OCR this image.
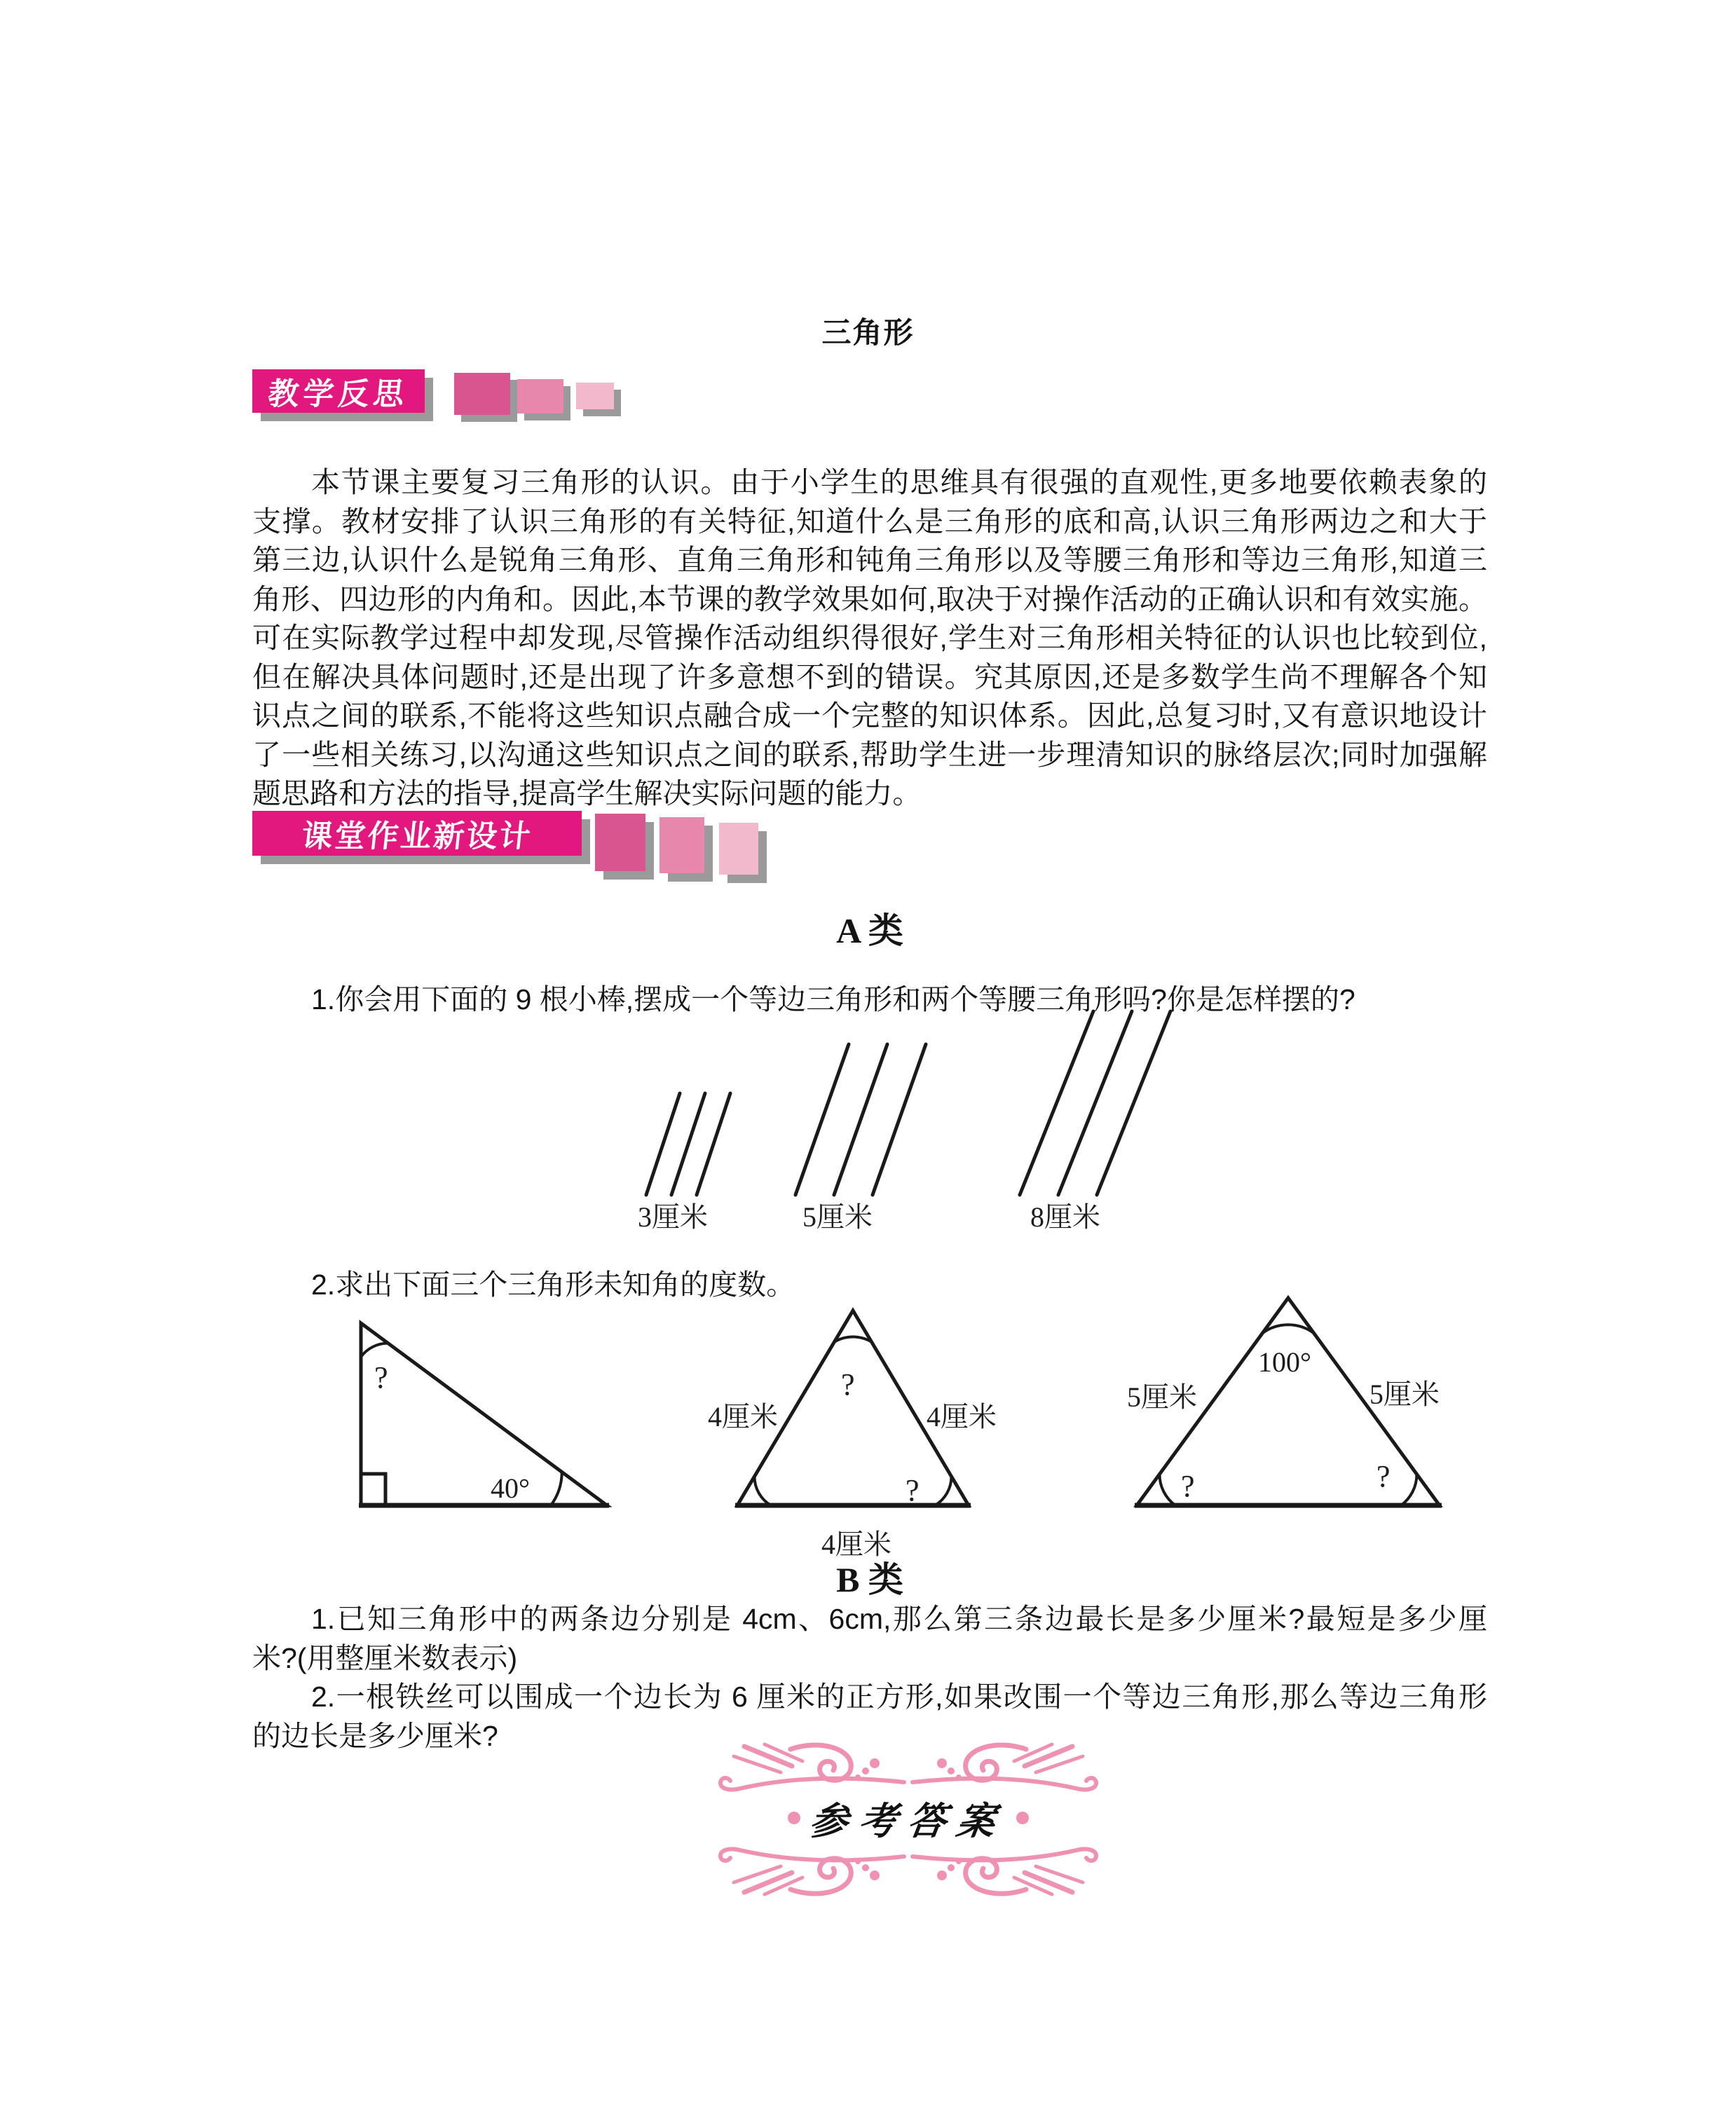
三角形
教学反思
本节课主要复习三角形的认识。由于小学生的思维具有很强的直观性,更多地要依赖表象的
支撑。教材安排了认识三角形的有关特征,知道什么是三角形的底和高,认识三角形两边之和大于
第三边,认识什么是锐角三角形、直角三角形和钝角三角形以及等腰三角形和等边三角形,知道三
角形、四边形的内角和。因此,本节课的教学效果如何,取决于对操作活动的正确认识和有效实施。
可在实际教学过程中却发现,尽管操作活动组织得很好,学生对三角形相关特征的认识也比较到位,
但在解决具体问题时,还是出现了许多意想不到的错误。究其原因,还是多数学生尚不理解各个知
识点之间的联系,不能将这些知识点融合成一个完整的知识体系。因此,总复习时,又有意识地设计
了一些相关练习,以沟通这些知识点之间的联系,帮助学生进一步理清知识的脉络层次;同时加强解
题思路和方法的指导,提高学生解决实际问题的能力。
课堂作业新设计
A 类
1.你会用下面的 9 根小棒,摆成一个等边三角形和两个等腰三角形吗?你是怎样摆的?
3厘米	5厘米	8厘米
2.求出下面三个三角形未知角的度数。
?
40°
?
4厘米	4厘米
?
4厘米
100°
5厘米	5厘米
?	?
B 类
1.已知三角形中的两条边分别是 4cm、6cm,那么第三条边最长是多少厘米?最短是多少厘
米?(用整厘米数表示)
2.一根铁丝可以围成一个边长为 6 厘米的正方形,如果改围一个等边三角形,那么等边三角形
的边长是多少厘米?
参考答案
